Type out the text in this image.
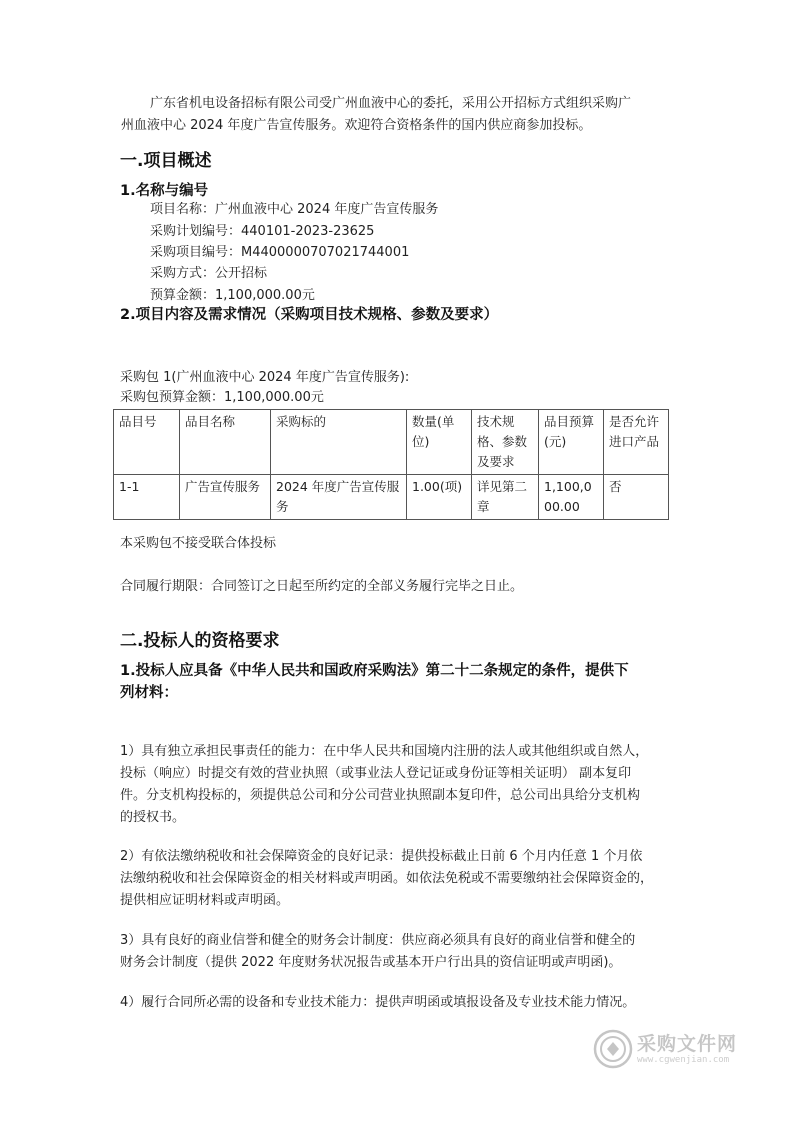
广东省机电设备招标有限公司受广州血液中心的委托，采用公开招标方式组织采购广
州血液中心 2024 年度广告宣传服务。欢迎符合资格条件的国内供应商参加投标。
一.项目概述
1.名称与编号
项目名称：广州血液中心 2024 年度广告宣传服务
采购计划编号：440101-2023-23625
采购项目编号：M4400000707021744001
采购方式：公开招标
预算金额：1,100,000.00元
2.项目内容及需求情况（采购项目技术规格、参数及要求）
采购包 1(广州血液中心 2024 年度广告宣传服务):
采购包预算金额：1,100,000.00元
品目号	品目名称	采购标的	数量(单位)	技术规格、参数及要求	品目预算(元)	是否允许进口产品
1-1	广告宣传服务	2024 年度广告宣传服务	1.00(项)	详见第二章	1,100,000.00	否
本采购包不接受联合体投标
合同履行期限：合同签订之日起至所约定的全部义务履行完毕之日止。
二.投标人的资格要求
1.投标人应具备《中华人民共和国政府采购法》第二十二条规定的条件，提供下
列材料：
1）具有独立承担民事责任的能力：在中华人民共和国境内注册的法人或其他组织或自然人，
投标（响应）时提交有效的营业执照（或事业法人登记证或身份证等相关证明） 副本复印
件。分支机构投标的，须提供总公司和分公司营业执照副本复印件，总公司出具给分支机构
的授权书。
2）有依法缴纳税收和社会保障资金的良好记录：提供投标截止日前 6 个月内任意 1 个月依
法缴纳税收和社会保障资金的相关材料或声明函。如依法免税或不需要缴纳社会保障资金的，
提供相应证明材料或声明函。
3）具有良好的商业信誉和健全的财务会计制度：供应商必须具有良好的商业信誉和健全的
财务会计制度（提供 2022 年度财务状况报告或基本开户行出具的资信证明或声明函)。
4）履行合同所必需的设备和专业技术能力：提供声明函或填报设备及专业技术能力情况。
采购文件网
www.cgwenjian.com
